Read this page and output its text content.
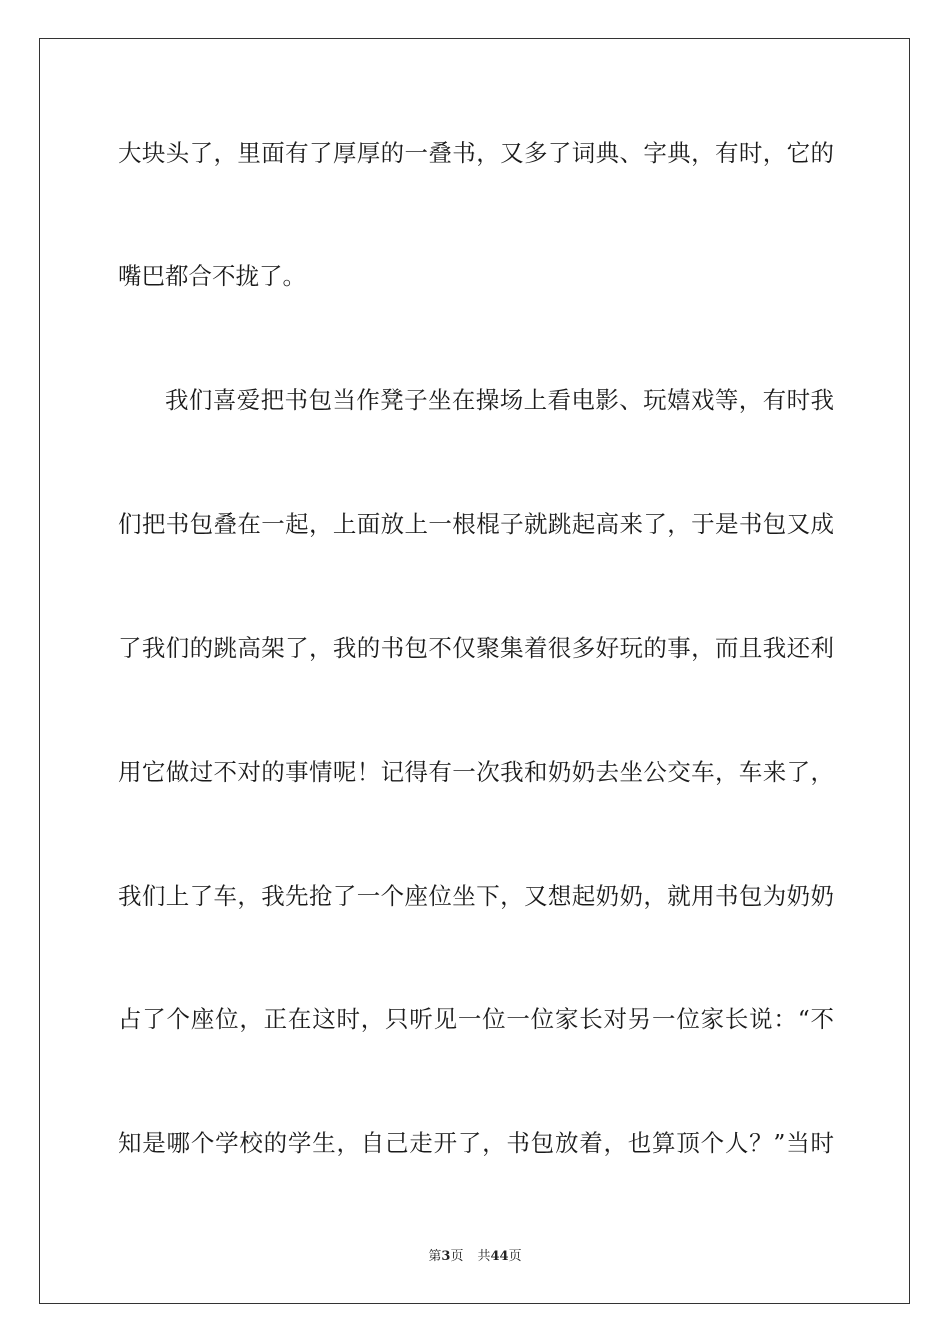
大块头了，里面有了厚厚的一叠书，又多了词典、字典，有时，它的
嘴巴都合不拢了。
我们喜爱把书包当作凳子坐在操场上看电影、玩嬉戏等，有时我
们把书包叠在一起，上面放上一根棍子就跳起高来了，于是书包又成
了我们的跳高架了，我的书包不仅聚集着很多好玩的事，而且我还利
用它做过不对的事情呢！记得有一次我和奶奶去坐公交车，车来了，
我们上了车，我先抢了一个座位坐下，又想起奶奶，就用书包为奶奶
占了个座位，正在这时，只听见一位一位家长对另一位家长说：“不
知是哪个学校的学生，自己走开了，书包放着，也算顶个人？”当时
第3页 共44页
